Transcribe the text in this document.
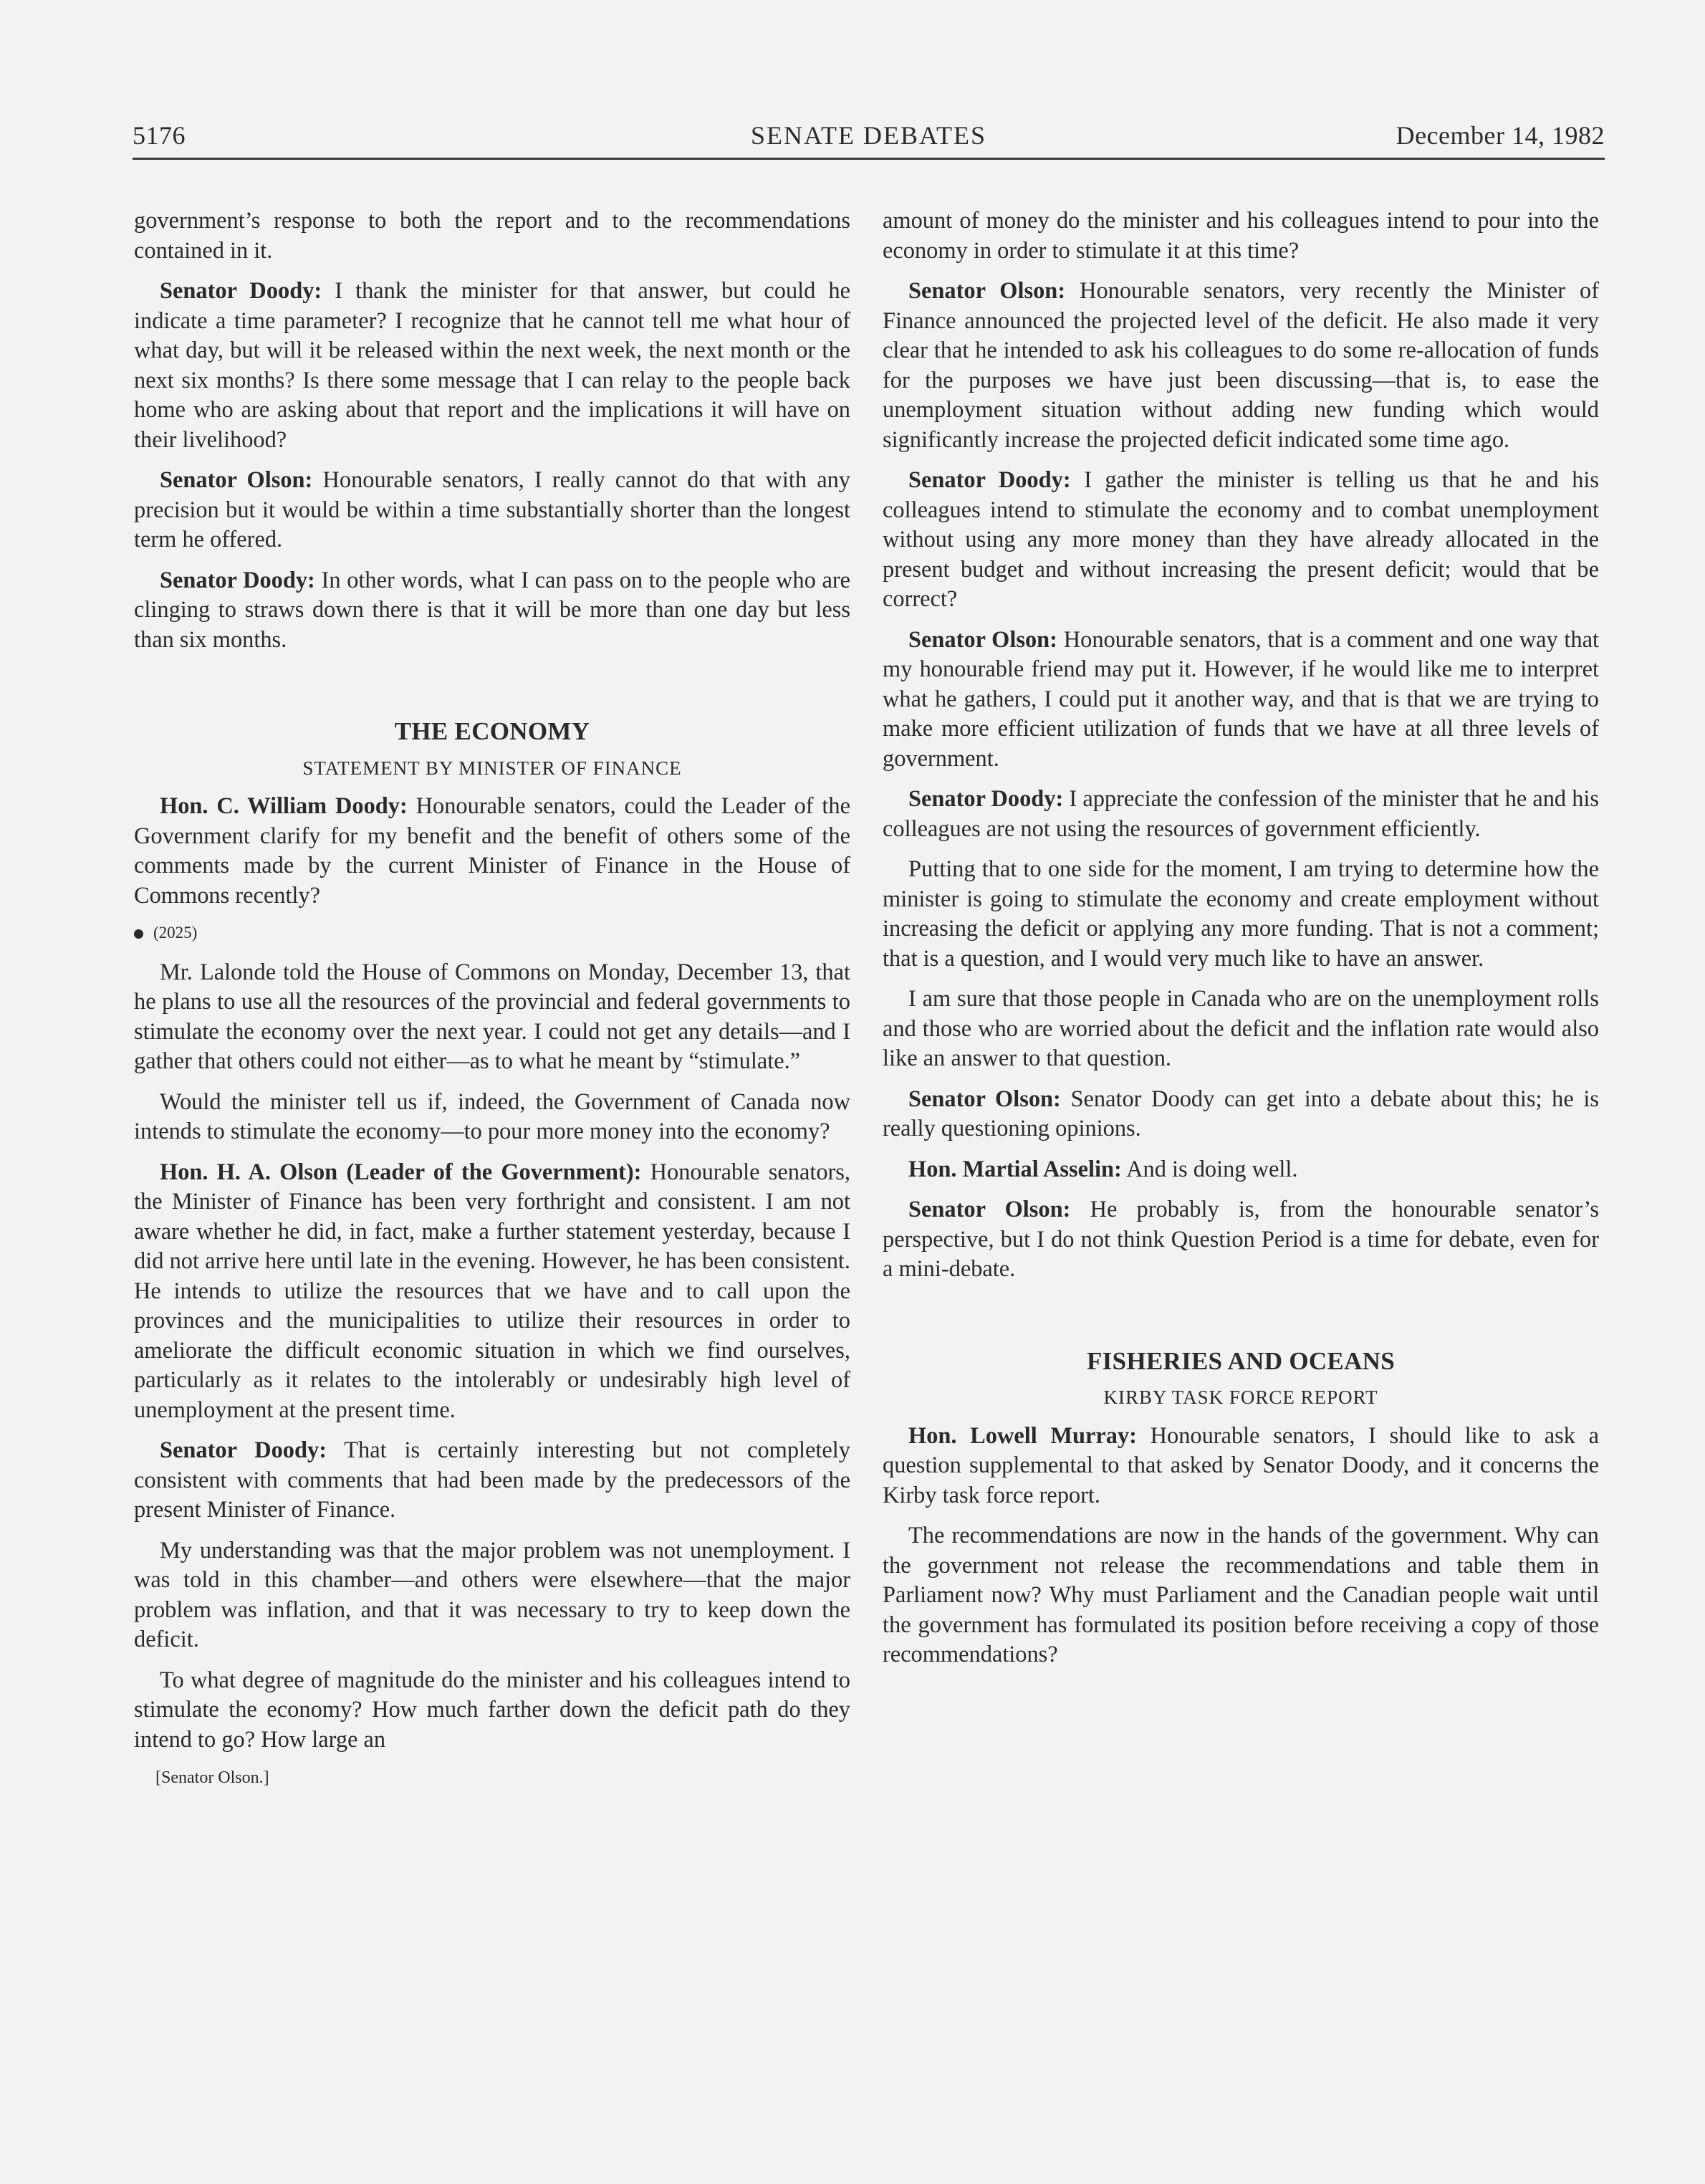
5176	SENATE DEBATES	December 14, 1982

government’s response to both the report and to the recommendations contained in it.

Senator Doody: I thank the minister for that answer, but could he indicate a time parameter? I recognize that he cannot tell me what hour of what day, but will it be released within the next week, the next month or the next six months? Is there some message that I can relay to the people back home who are asking about that report and the implications it will have on their livelihood?

Senator Olson: Honourable senators, I really cannot do that with any precision but it would be within a time substantially shorter than the longest term he offered.

Senator Doody: In other words, what I can pass on to the people who are clinging to straws down there is that it will be more than one day but less than six months.

THE ECONOMY
STATEMENT BY MINISTER OF FINANCE

Hon. C. William Doody: Honourable senators, could the Leader of the Government clarify for my benefit and the benefit of others some of the comments made by the current Minister of Finance in the House of Commons recently?

(2025)

Mr. Lalonde told the House of Commons on Monday, December 13, that he plans to use all the resources of the provincial and federal governments to stimulate the economy over the next year. I could not get any details—and I gather that others could not either—as to what he meant by “stimulate.”

Would the minister tell us if, indeed, the Government of Canada now intends to stimulate the economy—to pour more money into the economy?

Hon. H. A. Olson (Leader of the Government): Honourable senators, the Minister of Finance has been very forthright and consistent. I am not aware whether he did, in fact, make a further statement yesterday, because I did not arrive here until late in the evening. However, he has been consistent. He intends to utilize the resources that we have and to call upon the provinces and the municipalities to utilize their resources in order to ameliorate the difficult economic situation in which we find ourselves, particularly as it relates to the intolerably or undesirably high level of unemployment at the present time.

Senator Doody: That is certainly interesting but not completely consistent with comments that had been made by the predecessors of the present Minister of Finance.

My understanding was that the major problem was not unemployment. I was told in this chamber—and others were elsewhere—that the major problem was inflation, and that it was necessary to try to keep down the deficit.

To what degree of magnitude do the minister and his colleagues intend to stimulate the economy? How much farther down the deficit path do they intend to go? How large an

[Senator Olson.]

amount of money do the minister and his colleagues intend to pour into the economy in order to stimulate it at this time?

Senator Olson: Honourable senators, very recently the Minister of Finance announced the projected level of the deficit. He also made it very clear that he intended to ask his colleagues to do some re-allocation of funds for the purposes we have just been discussing—that is, to ease the unemployment situation without adding new funding which would significantly increase the projected deficit indicated some time ago.

Senator Doody: I gather the minister is telling us that he and his colleagues intend to stimulate the economy and to combat unemployment without using any more money than they have already allocated in the present budget and without increasing the present deficit; would that be correct?

Senator Olson: Honourable senators, that is a comment and one way that my honourable friend may put it. However, if he would like me to interpret what he gathers, I could put it another way, and that is that we are trying to make more efficient utilization of funds that we have at all three levels of government.

Senator Doody: I appreciate the confession of the minister that he and his colleagues are not using the resources of government efficiently.

Putting that to one side for the moment, I am trying to determine how the minister is going to stimulate the economy and create employment without increasing the deficit or applying any more funding. That is not a comment; that is a question, and I would very much like to have an answer.

I am sure that those people in Canada who are on the unemployment rolls and those who are worried about the deficit and the inflation rate would also like an answer to that question.

Senator Olson: Senator Doody can get into a debate about this; he is really questioning opinions.

Hon. Martial Asselin: And is doing well.

Senator Olson: He probably is, from the honourable senator’s perspective, but I do not think Question Period is a time for debate, even for a mini-debate.

FISHERIES AND OCEANS
KIRBY TASK FORCE REPORT

Hon. Lowell Murray: Honourable senators, I should like to ask a question supplemental to that asked by Senator Doody, and it concerns the Kirby task force report.

The recommendations are now in the hands of the government. Why can the government not release the recommendations and table them in Parliament now? Why must Parliament and the Canadian people wait until the government has formulated its position before receiving a copy of those recommendations?
